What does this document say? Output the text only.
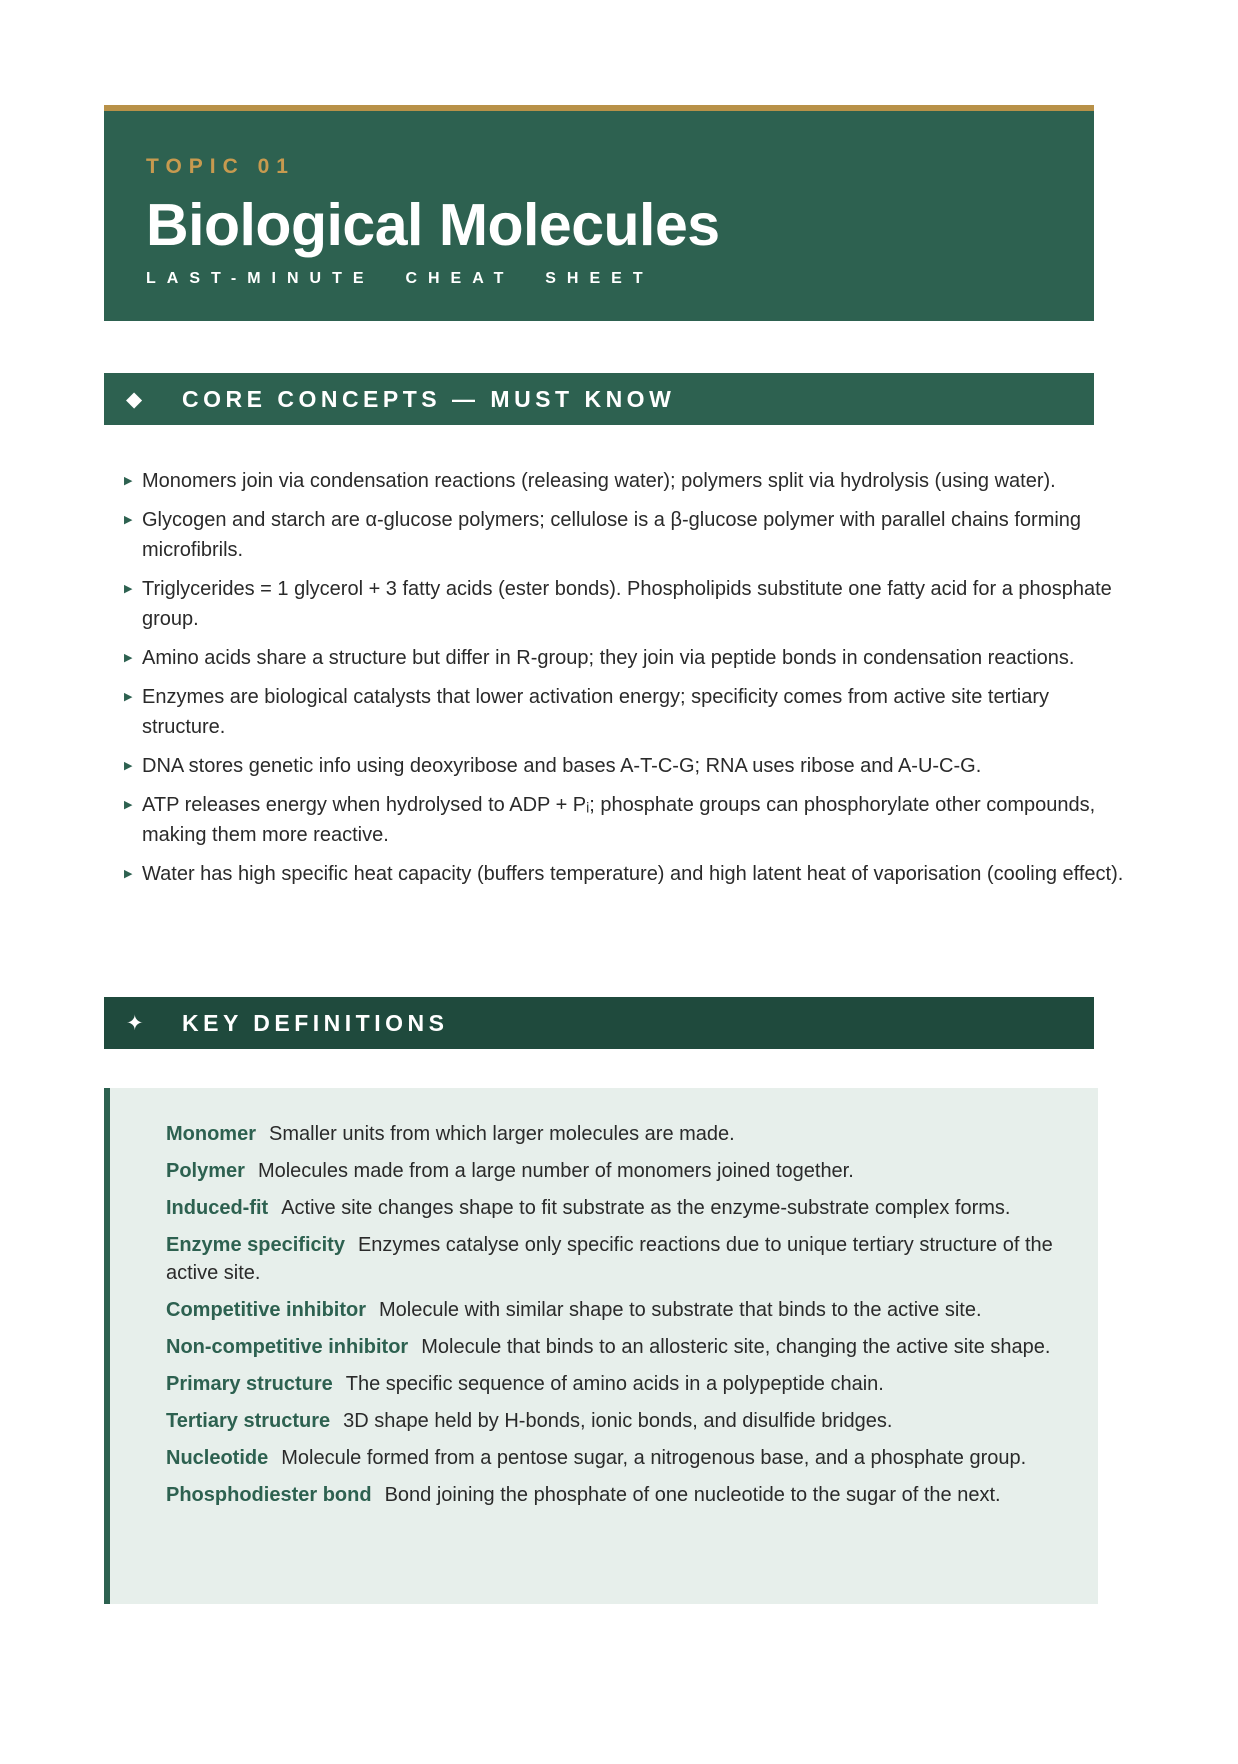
TOPIC 01
Biological Molecules
LAST-MINUTE  CHEAT  SHEET
◆ CORE CONCEPTS — MUST KNOW
▶ Monomers join via condensation reactions (releasing water); polymers split via hydrolysis (using water).
▶ Glycogen and starch are α-glucose polymers; cellulose is a β-glucose polymer with parallel chains forming microfibrils.
▶ Triglycerides = 1 glycerol + 3 fatty acids (ester bonds). Phospholipids substitute one fatty acid for a phosphate group.
▶ Amino acids share a structure but differ in R-group; they join via peptide bonds in condensation reactions.
▶ Enzymes are biological catalysts that lower activation energy; specificity comes from active site tertiary structure.
▶ DNA stores genetic info using deoxyribose and bases A-T-C-G; RNA uses ribose and A-U-C-G.
▶ ATP releases energy when hydrolysed to ADP + Pᵢ; phosphate groups can phosphorylate other compounds, making them more reactive.
▶ Water has high specific heat capacity (buffers temperature) and high latent heat of vaporisation (cooling effect).
✦ KEY DEFINITIONS
Monomer Smaller units from which larger molecules are made.
Polymer Molecules made from a large number of monomers joined together.
Induced-fit Active site changes shape to fit substrate as the enzyme-substrate complex forms.
Enzyme specificity Enzymes catalyse only specific reactions due to unique tertiary structure of the active site.
Competitive inhibitor Molecule with similar shape to substrate that binds to the active site.
Non-competitive inhibitor Molecule that binds to an allosteric site, changing the active site shape.
Primary structure The specific sequence of amino acids in a polypeptide chain.
Tertiary structure 3D shape held by H-bonds, ionic bonds, and disulfide bridges.
Nucleotide Molecule formed from a pentose sugar, a nitrogenous base, and a phosphate group.
Phosphodiester bond Bond joining the phosphate of one nucleotide to the sugar of the next.
